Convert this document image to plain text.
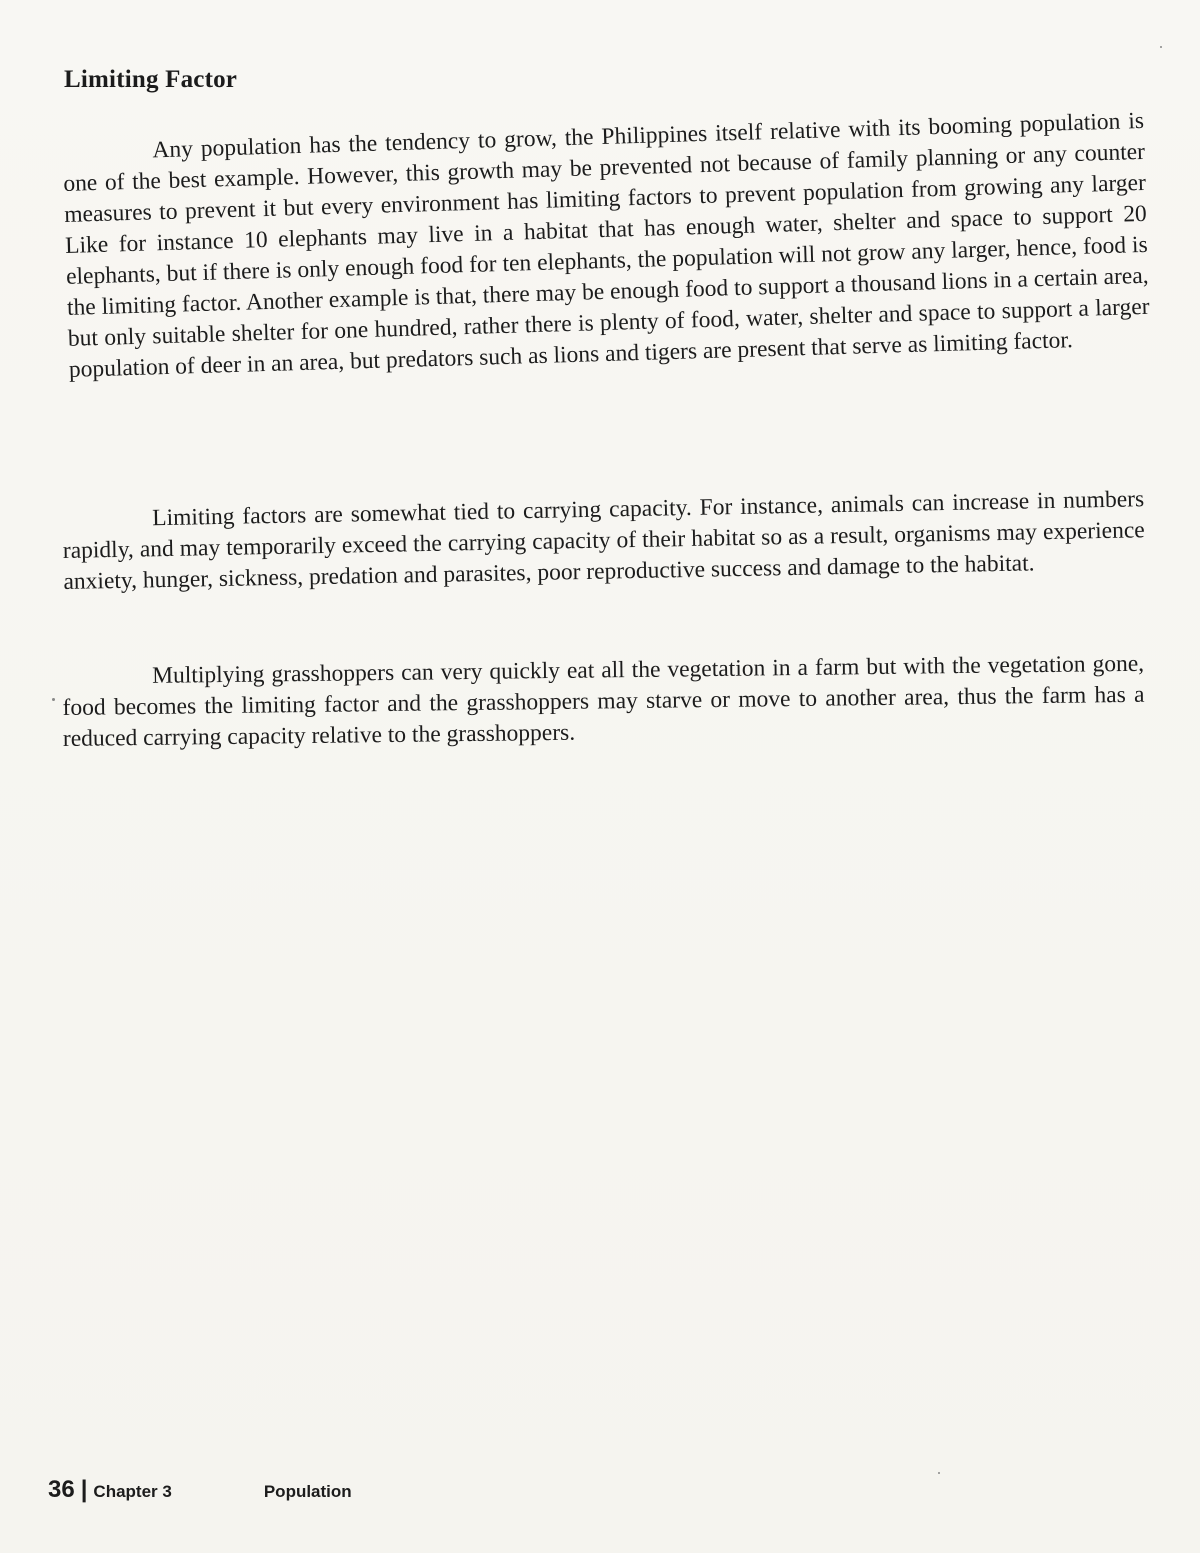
Limiting Factor

Any population has the tendency to grow, the Philippines itself relative with its booming population is one of the best example. However, this growth may be prevented not because of family planning or any counter measures to prevent it but every environment has limiting factors to prevent population from growing any larger Like for instance 10 elephants may live in a habitat that has enough water, shelter and space to support 20 elephants, but if there is only enough food for ten elephants, the population will not grow any larger, hence, food is the limiting factor. Another example is that, there may be enough food to support a thousand lions in a certain area, but only suitable shelter for one hundred, rather there is plenty of food, water, shelter and space to support a larger population of deer in an area, but predators such as lions and tigers are present that serve as limiting factor.

Limiting factors are somewhat tied to carrying capacity. For instance, animals can increase in numbers rapidly, and may temporarily exceed the carrying capacity of their habitat so as a result, organisms may experience anxiety, hunger, sickness, predation and parasites, poor reproductive success and damage to the habitat.

Multiplying grasshoppers can very quickly eat all the vegetation in a farm but with the vegetation gone, food becomes the limiting factor and the grasshoppers may starve or move to another area, thus the farm has a reduced carrying capacity relative to the grasshoppers.

36 | Chapter 3	Population
